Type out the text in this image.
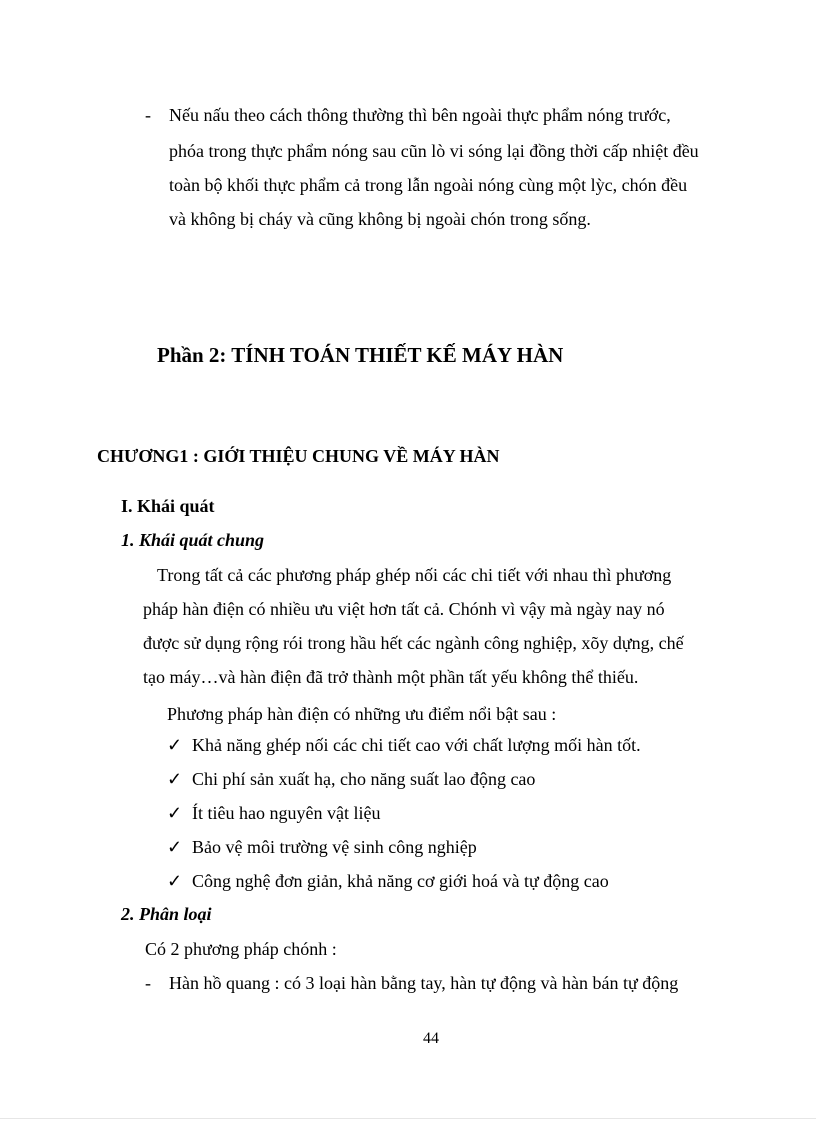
- Nếu nấu theo cách thông thường thì bên ngoài thực phẩm nóng trước,
phóa trong thực phẩm nóng sau cũn lò vi sóng lại đồng thời cấp nhiệt đều
toàn bộ khối thực phẩm cả trong lẫn ngoài nóng cùng một lỳc, chón đều
và không bị cháy và cũng không bị ngoài chón trong sống.
Phần 2: TÍNH TOÁN THIẾT KẾ MÁY HÀN
CHƯƠNG1 : GIỚI THIỆU CHUNG VỀ MÁY HÀN
I. Khái quát
1. Khái quát chung
Trong tất cả các phương pháp ghép nối các chi tiết với nhau thì phương
pháp hàn điện có nhiều ưu việt hơn tất cả. Chónh vì vậy mà ngày nay nó
được sử dụng rộng rói trong hầu hết các ngành công nghiệp, xõy dựng, chế
tạo máy…và hàn điện đã trở thành một phần tất yếu không thể thiếu.
Phương pháp hàn điện có những ưu điểm nổi bật sau :
✓ Khả năng ghép nối các chi tiết cao với chất lượng mối hàn tốt.
✓ Chi phí sản xuất hạ, cho năng suất lao động cao
✓ Ít tiêu hao nguyên vật liệu
✓ Bảo vệ môi trường vệ sinh công nghiệp
✓ Công nghệ đơn giản, khả năng cơ giới hoá và tự động cao
2. Phân loại
Có 2 phương pháp chónh :
- Hàn hồ quang : có 3 loại hàn bằng tay, hàn tự động và hàn bán tự động
44
